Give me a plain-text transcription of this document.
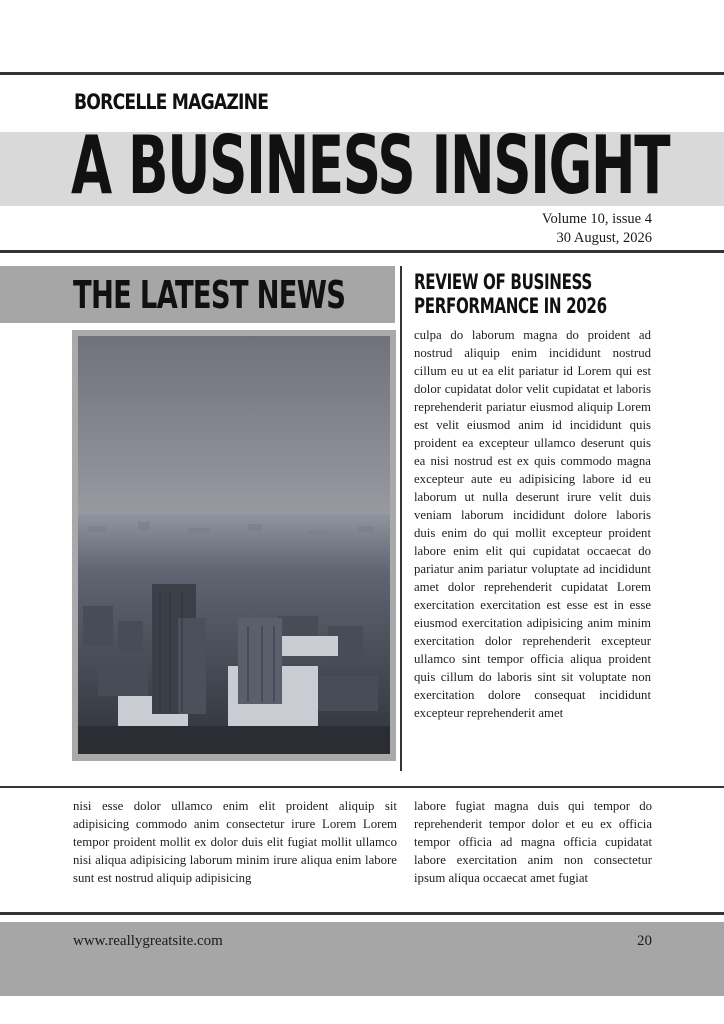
BORCELLE MAGAZINE
A BUSINESS INSIGHT
Volume 10, issue 4
30 August, 2026
THE LATEST NEWS	REVIEW OF BUSINESS PERFORMANCE IN 2026
culpa do laborum magna do proident ad nostrud aliquip enim incididunt nostrud cillum eu ut ea elit pariatur id Lorem qui est dolor cupidatat dolor velit cupidatat et laboris reprehenderit pariatur eiusmod aliquip Lorem est velit eiusmod anim id incididunt quis proident ea excepteur ullamco deserunt quis ea nisi nostrud est ex quis commodo magna excepteur aute eu adipisicing labore id eu laborum ut nulla deserunt irure velit duis veniam laborum incididunt dolore laboris duis enim do qui mollit excepteur proident labore enim elit qui cupidatat occaecat do pariatur anim pariatur voluptate ad incididunt amet dolor reprehenderit cupidatat Lorem exercitation exercitation est esse est in esse eiusmod exercitation adipisicing anim minim exercitation dolor reprehenderit excepteur ullamco sint tempor officia aliqua proident quis cillum do laboris sint sit voluptate non exercitation dolore consequat incididunt excepteur reprehenderit amet
nisi esse dolor ullamco enim elit proident aliquip sit adipisicing commodo anim consectetur irure Lorem Lorem tempor proident mollit ex dolor duis elit fugiat mollit ullamco nisi aliqua adipisicing laborum minim irure aliqua enim labore sunt est nostrud aliquip adipisicing
labore fugiat magna duis qui tempor do reprehenderit tempor dolor et eu ex officia tempor officia ad magna officia cupidatat labore exercitation anim non consectetur ipsum aliqua occaecat amet fugiat
www.reallygreatsite.com	20
